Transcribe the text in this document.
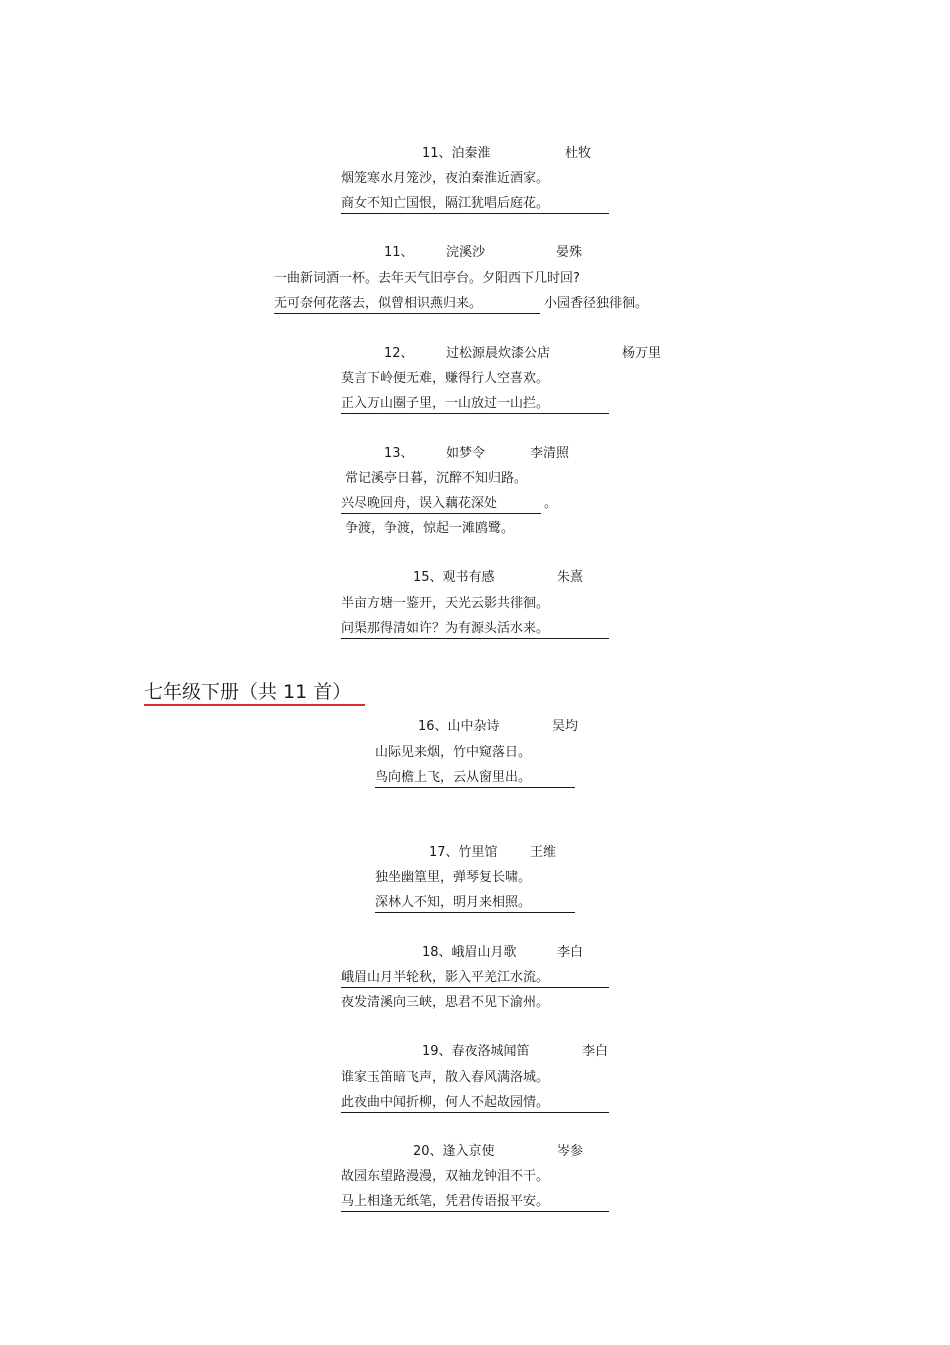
11、泊秦淮	杜牧
烟笼寒水月笼沙，夜泊秦淮近酒家。
商女不知亡国恨，隔江犹唱后庭花。
11、 浣溪沙	晏殊
一曲新词酒一杯。去年天气旧亭台。夕阳西下几时回?
无可奈何花落去，似曾相识燕归来。	小园香径独徘徊。
12、 过松源晨炊漆公店	杨万里
莫言下岭便无难，赚得行人空喜欢。
正入万山圈子里，一山放过一山拦。
13、 如梦令	李清照
常记溪亭日暮，沉醉不知归路。
兴尽晚回舟，误入藕花深处	。
争渡，争渡，惊起一滩鸥鹭。
15、观书有感	朱熹
半亩方塘一鉴开，天光云影共徘徊。
问渠那得清如许？为有源头活水来。
七年级下册（共 11 首）
16、山中杂诗	吴均
山际见来烟，竹中窥落日。
鸟向檐上飞，云从窗里出。
17、竹里馆 王维
独坐幽篁里，弹琴复长啸。
深林人不知，明月来相照。
18、峨眉山月歌	李白
峨眉山月半轮秋，影入平羌江水流。
夜发清溪向三峡，思君不见下渝州。
19、春夜洛城闻笛	李白
谁家玉笛暗飞声，散入春风满洛城。
此夜曲中闻折柳，何人不起故园情。
20、逢入京使	岑参
故园东望路漫漫，双袖龙钟泪不干。
马上相逢无纸笔，凭君传语报平安。
